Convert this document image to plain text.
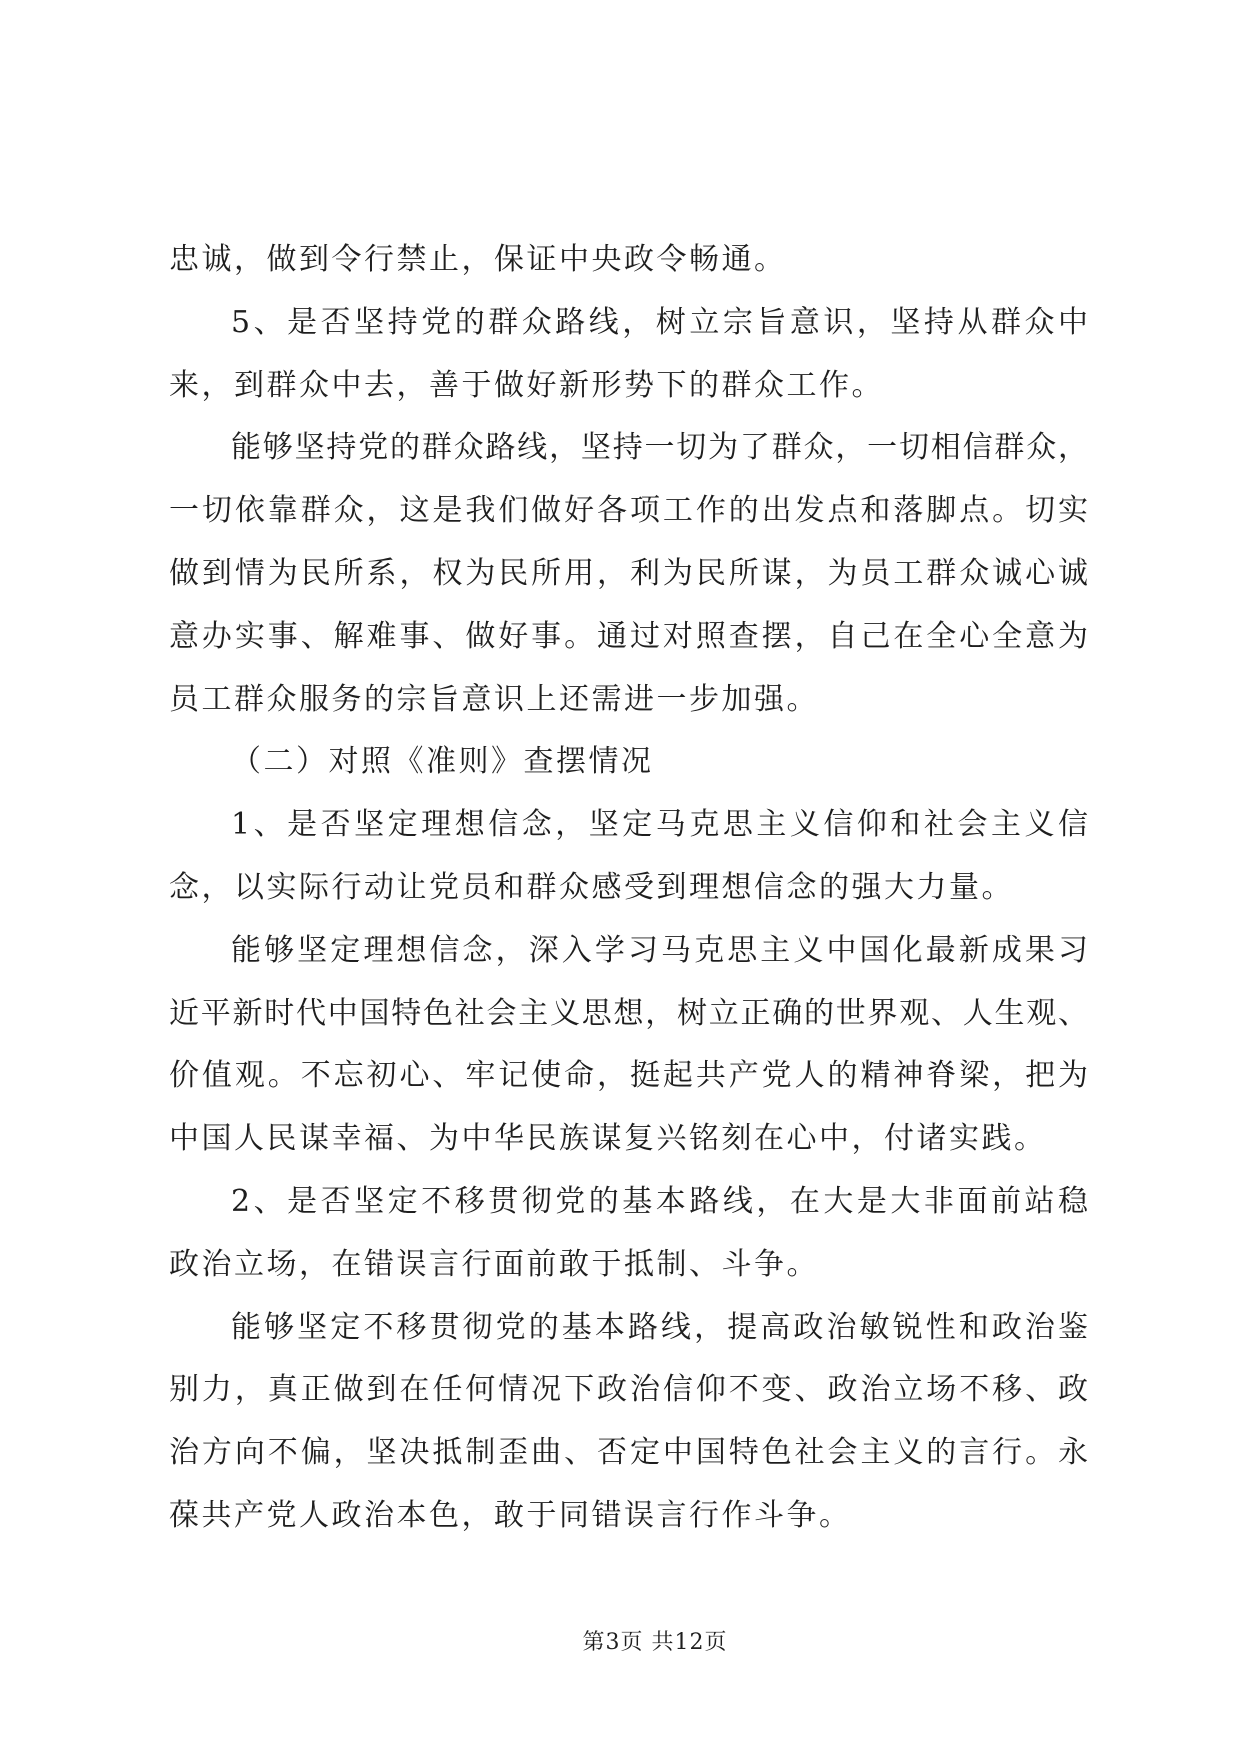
忠诚，做到令行禁止，保证中央政令畅通。
5、是否坚持党的群众路线，树立宗旨意识，坚持从群众中
来，到群众中去，善于做好新形势下的群众工作。
能够坚持党的群众路线，坚持一切为了群众，一切相信群众，
一切依靠群众，这是我们做好各项工作的出发点和落脚点。切实
做到情为民所系，权为民所用，利为民所谋，为员工群众诚心诚
意办实事、解难事、做好事。通过对照查摆，自己在全心全意为
员工群众服务的宗旨意识上还需进一步加强。
（二）对照《准则》查摆情况
1、是否坚定理想信念，坚定马克思主义信仰和社会主义信
念，以实际行动让党员和群众感受到理想信念的强大力量。
能够坚定理想信念，深入学习马克思主义中国化最新成果习
近平新时代中国特色社会主义思想，树立正确的世界观、人生观、
价值观。不忘初心、牢记使命，挺起共产党人的精神脊梁，把为
中国人民谋幸福、为中华民族谋复兴铭刻在心中，付诸实践。
2、是否坚定不移贯彻党的基本路线，在大是大非面前站稳
政治立场，在错误言行面前敢于抵制、斗争。
能够坚定不移贯彻党的基本路线，提高政治敏锐性和政治鉴
别力，真正做到在任何情况下政治信仰不变、政治立场不移、政
治方向不偏，坚决抵制歪曲、否定中国特色社会主义的言行。永
葆共产党人政治本色，敢于同错误言行作斗争。
第3页 共12页
